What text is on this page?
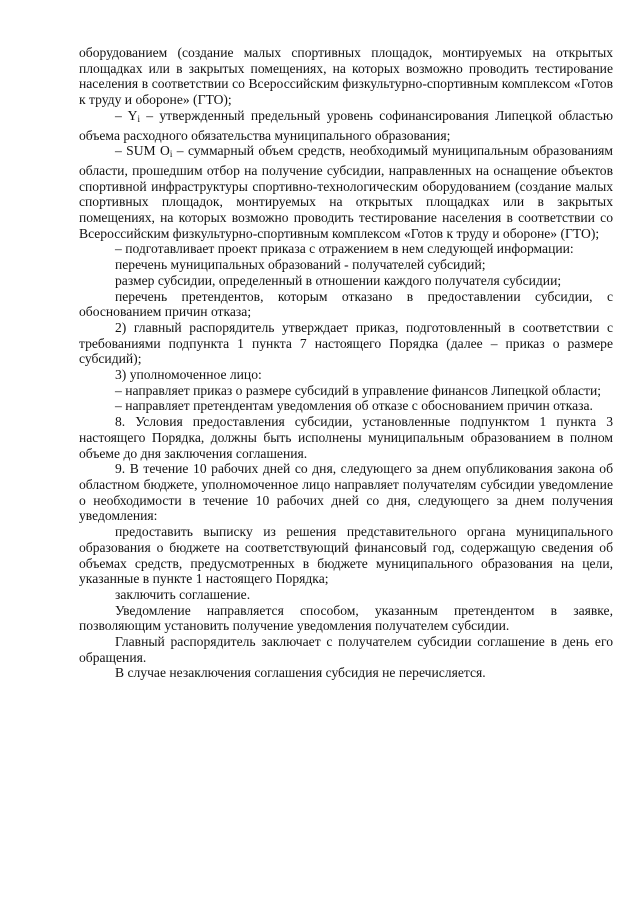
оборудованием (создание малых спортивных площадок, монтируемых на открытых площадках или в закрытых помещениях, на которых возможно проводить тестирование населения в соответствии со Всероссийским физкультурно-спортивным комплексом «Готов к труду и обороне» (ГТО);

– $Y_i$ – утвержденный предельный уровень софинансирования Липецкой областью объема расходного обязательства муниципального образования;

– SUM $O_i$ – суммарный объем средств, необходимый муниципальным образованиям области, прошедшим отбор на получение субсидии, направленных на оснащение объектов спортивной инфраструктуры спортивно-технологическим оборудованием (создание малых спортивных площадок, монтируемых на открытых площадках или в закрытых помещениях, на которых возможно проводить тестирование населения в соответствии со Всероссийским физкультурно-спортивным комплексом «Готов к труду и обороне» (ГТО);

– подготавливает проект приказа с отражением в нем следующей информации:

перечень муниципальных образований - получателей субсидий;

размер субсидии, определенный в отношении каждого получателя субсидии;

перечень претендентов, которым отказано в предоставлении субсидии, с обоснованием причин отказа;

2) главный распорядитель утверждает приказ, подготовленный в соответствии с требованиями подпункта 1 пункта 7 настоящего Порядка (далее – приказ о размере субсидий);

3) уполномоченное лицо:

– направляет приказ о размере субсидий в управление финансов Липецкой области;

– направляет претендентам уведомления об отказе с обоснованием причин отказа.

8. Условия предоставления субсидии, установленные подпунктом 1 пункта 3 настоящего Порядка, должны быть исполнены муниципальным образованием в полном объеме до дня заключения соглашения.

9. В течение 10 рабочих дней со дня, следующего за днем опубликования закона об областном бюджете, уполномоченное лицо направляет получателям субсидии уведомление о необходимости в течение 10 рабочих дней со дня, следующего за днем получения уведомления:

предоставить выписку из решения представительного органа муниципального образования о бюджете на соответствующий финансовый год, содержащую сведения об объемах средств, предусмотренных в бюджете муниципального образования на цели, указанные в пункте 1 настоящего Порядка;

заключить соглашение.

Уведомление направляется способом, указанным претендентом в заявке, позволяющим установить получение уведомления получателем субсидии.

Главный распорядитель заключает с получателем субсидии соглашение в день его обращения.

В случае незаключения соглашения субсидия не перечисляется.
